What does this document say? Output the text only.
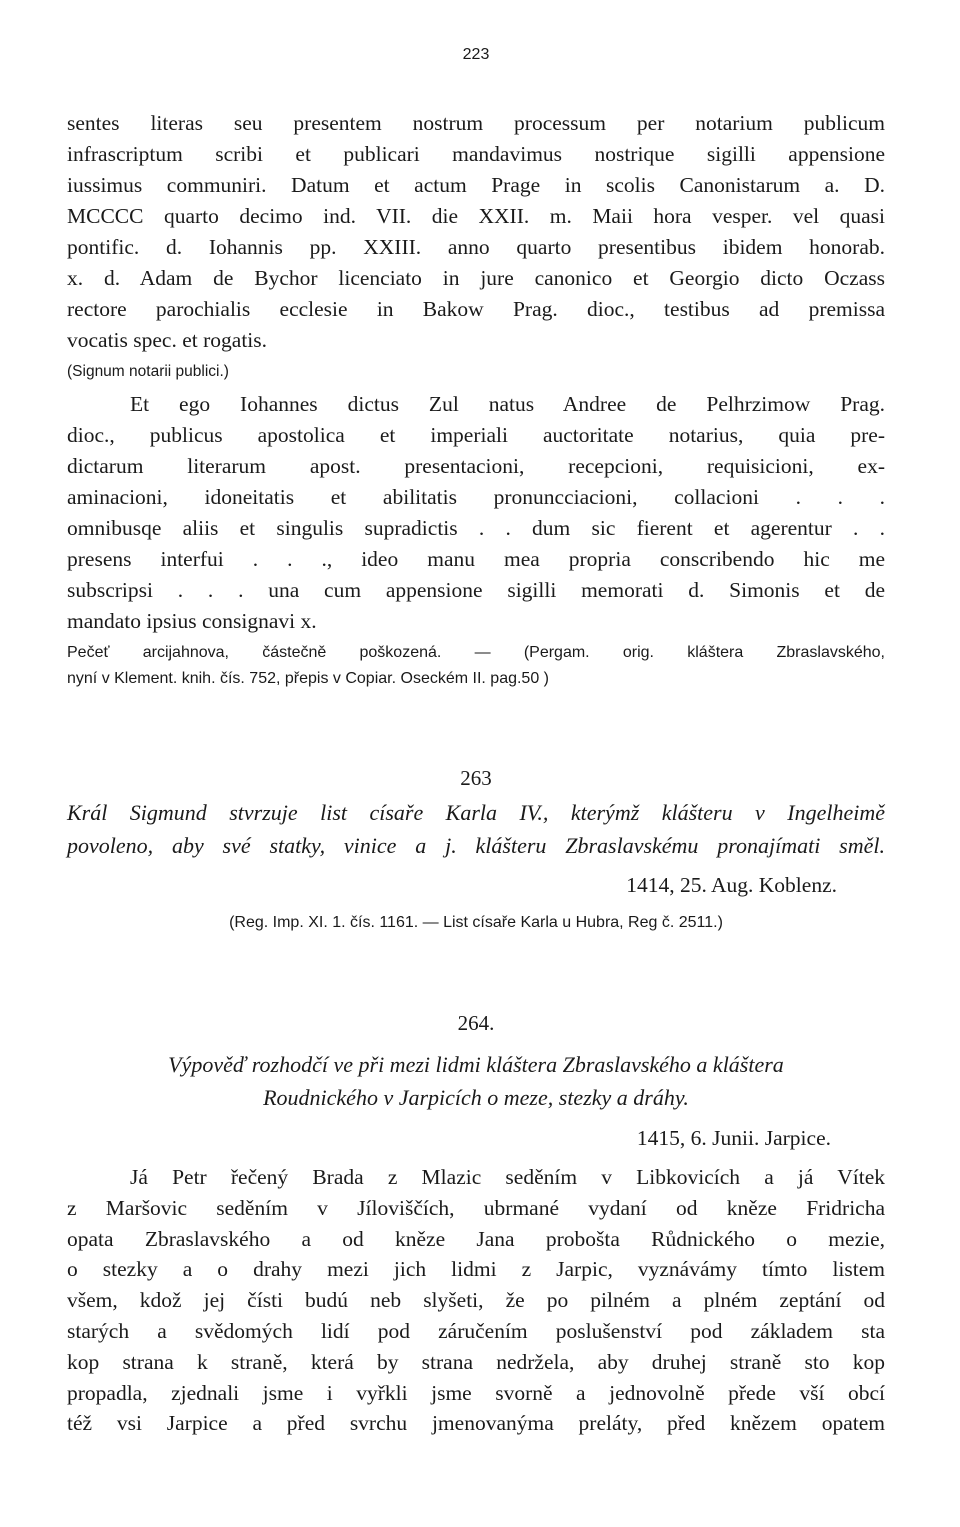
223
sentes literas seu presentem nostrum processum per notarium publicum
infrascriptum scribi et publicari mandavimus nostrique sigilli appensione
iussimus communiri. Datum et actum Prage in scolis Canonistarum a. D.
MCCCC quarto decimo ind. VII. die XXII. m. Maii hora vesper. vel quasi
pontific. d. Iohannis pp. XXIII. anno quarto presentibus ibidem honorab.
x. d. Adam de Bychor licenciato in jure canonico et Georgio dicto Oczass
rectore parochialis ecclesie in Bakow Prag. dioc., testibus ad premissa
vocatis spec. et rogatis.
(Signum notarii publici.)
Et ego Iohannes dictus Zul natus Andree de Pelhrzimow Prag.
dioc., publicus apostolica et imperiali auctoritate notarius, quia pre-
dictarum literarum apost. presentacioni, recepcioni, requisicioni, ex-
aminacioni, idoneitatis et abilitatis pronuncciacioni, collacioni . . .
omnibusqe aliis et singulis supradictis . . dum sic fierent et agerentur . .
presens interfui . . ., ideo manu mea propria conscribendo hic me
subscripsi . . . una cum appensione sigilli memorati d. Simonis et de
mandato ipsius consignavi x.
Pečeť arcijahnova, částečně poškozená. — (Pergam. orig. kláštera Zbraslavského,
nyní v Klement. knih. čís. 752, přepis v Copiar. Oseckém II. pag.50 )
263
Král Sigmund stvrzuje list císaře Karla IV., kterýmž klášteru v Ingelheimě
povoleno, aby své statky, vinice a j. klášteru Zbraslavskému pronajímati směl.
1414, 25. Aug. Koblenz.
(Reg. Imp. XI. 1. čís. 1161. — List císaře Karla u Hubra, Reg č. 2511.)
264.
Výpověď rozhodčí ve při mezi lidmi kláštera Zbraslavského a kláštera
Roudnického v Jarpicích o meze, stezky a dráhy.
1415, 6. Junii. Jarpice.
Já Petr řečený Brada z Mlazic seděním v Libkovicích a já Vítek
z Maršovic seděním v Jíloviščích, ubrmané vydaní od kněze Fridricha
opata Zbraslavského a od kněze Jana probošta Růdnického o mezie,
o stezky a o drahy mezi jich lidmi z Jarpic, vyznávámy tímto listem
všem, kdož jej čísti budú neb slyšeti, že po pilném a plném zeptání od
starých a svědomých lidí pod záručením poslušenství pod základem sta
kop strana k straně, která by strana nedržela, aby druhej straně sto kop
propadla, zjednali jsme i vyřkli jsme svorně a jednovolně přede vší obcí
též vsi Jarpice a před svrchu jmenovanýma preláty, před knězem opatem
